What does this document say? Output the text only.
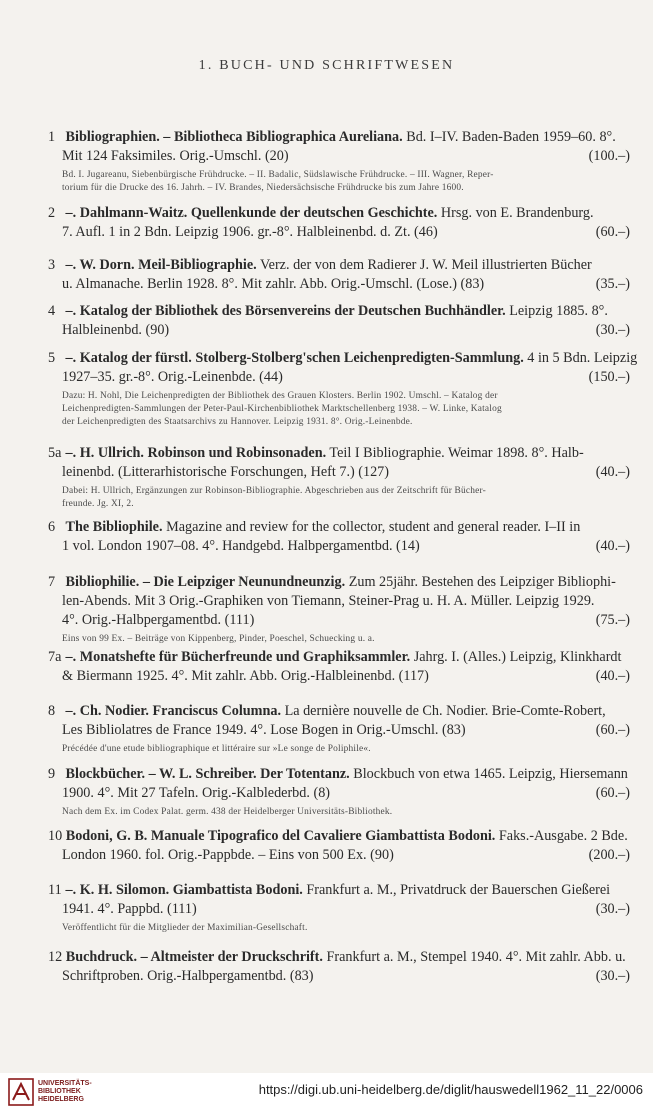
1. BUCH- UND SCHRIFTWESEN
1 Bibliographien. – Bibliotheca Bibliographica Aureliana. Bd. I–IV. Baden-Baden 1959–60. 8°.
Mit 124 Faksimiles. Orig.-Umschl. (20)	(100.–)
Bd. I. Jugareanu, Siebenbürgische Frühdrucke. – II. Badalic, Südslawische Frühdrucke. – III. Wagner, Reper-
torium für die Drucke des 16. Jahrh. – IV. Brandes, Niedersächsische Frühdrucke bis zum Jahre 1600.
2 –. Dahlmann-Waitz. Quellenkunde der deutschen Geschichte. Hrsg. von E. Brandenburg.
7. Aufl. 1 in 2 Bdn. Leipzig 1906. gr.-8°. Halbleinenbd. d. Zt. (46)	(60.–)
3 –. W. Dorn. Meil-Bibliographie. Verz. der von dem Radierer J. W. Meil illustrierten Bücher
u. Almanache. Berlin 1928. 8°. Mit zahlr. Abb. Orig.-Umschl. (Lose.) (83)	(35.–)
4 –. Katalog der Bibliothek des Börsenvereins der Deutschen Buchhändler. Leipzig 1885. 8°.
Halbleinenbd. (90)	(30.–)
5 –. Katalog der fürstl. Stolberg-Stolberg'schen Leichenpredigten-Sammlung. 4 in 5 Bdn. Leipzig
1927–35. gr.-8°. Orig.-Leinenbde. (44)	(150.–)
Dazu: H. Nohl, Die Leichenpredigten der Bibliothek des Grauen Klosters. Berlin 1902. Umschl. – Katalog der
Leichenpredigten-Sammlungen der Peter-Paul-Kirchenbibliothek Marktschellenberg 1938. – W. Linke, Katalog
der Leichenpredigten des Staatsarchivs zu Hannover. Leipzig 1931. 8°. Orig.-Leinenbde.
5a –. H. Ullrich. Robinson und Robinsonaden. Teil I Bibliographie. Weimar 1898. 8°. Halb-
leinenbd. (Litterarhistorische Forschungen, Heft 7.) (127)	(40.–)
Dabei: H. Ullrich, Ergänzungen zur Robinson-Bibliographie. Abgeschrieben aus der Zeitschrift für Bücher-
freunde. Jg. XI, 2.
6 The Bibliophile. Magazine and review for the collector, student and general reader. I–II in
1 vol. London 1907–08. 4°. Handgebd. Halbpergamentbd. (14)	(40.–)
7 Bibliophilie. – Die Leipziger Neunundneunzig. Zum 25jähr. Bestehen des Leipziger Bibliophi-
len-Abends. Mit 3 Orig.-Graphiken von Tiemann, Steiner-Prag u. H. A. Müller. Leipzig 1929.
4°. Orig.-Halbpergamentbd. (111)	(75.–)
Eins von 99 Ex. – Beiträge von Kippenberg, Pinder, Poeschel, Schuecking u. a.
7a –. Monatshefte für Bücherfreunde und Graphiksammler. Jahrg. I. (Alles.) Leipzig, Klinkhardt
& Biermann 1925. 4°. Mit zahlr. Abb. Orig.-Halbleinenbd. (117)	(40.–)
8 –. Ch. Nodier. Franciscus Columna. La dernière nouvelle de Ch. Nodier. Brie-Comte-Robert,
Les Bibliolatres de France 1949. 4°. Lose Bogen in Orig.-Umschl. (83)	(60.–)
Précédée d'une etude bibliographique et littéraire sur »Le songe de Poliphile«.
9 Blockbücher. – W. L. Schreiber. Der Totentanz. Blockbuch von etwa 1465. Leipzig, Hiersemann
1900. 4°. Mit 27 Tafeln. Orig.-Kalblederbd. (8)	(60.–)
Nach dem Ex. im Codex Palat. germ. 438 der Heidelberger Universitäts-Bibliothek.
10 Bodoni, G. B. Manuale Tipografico del Cavaliere Giambattista Bodoni. Faks.-Ausgabe. 2 Bde.
London 1960. fol. Orig.-Pappbde. – Eins von 500 Ex. (90)	(200.–)
11 –. K. H. Silomon. Giambattista Bodoni. Frankfurt a. M., Privatdruck der Bauerschen Gießerei
1941. 4°. Pappbd. (111)	(30.–)
Veröffentlicht für die Mitglieder der Maximilian-Gesellschaft.
12 Buchdruck. – Altmeister der Druckschrift. Frankfurt a. M., Stempel 1940. 4°. Mit zahlr. Abb. u.
Schriftproben. Orig.-Halbpergamentbd. (83)	(30.–)
UNIVERSITÄTS-
BIBLIOTHEK
HEIDELBERG
https://digi.ub.uni-heidelberg.de/diglit/hauswedell1962_11_22/0006
